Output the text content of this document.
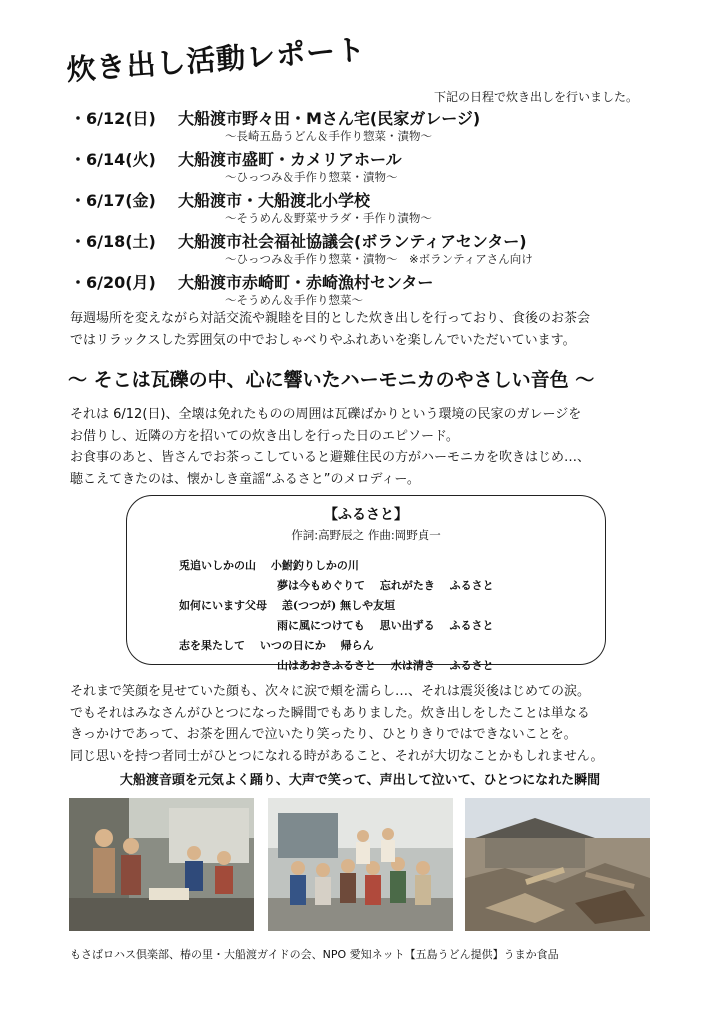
炊き出し活動レポート
下記の日程で炊き出しを行いました。
・6/12(日)	大船渡市野々田・Mさん宅(民家ガレージ)
～長崎五島うどん＆手作り惣菜・漬物～
・6/14(火)	大船渡市盛町・カメリアホール
～ひっつみ＆手作り惣菜・漬物～
・6/17(金)	大船渡市・大船渡北小学校
～そうめん＆野菜サラダ・手作り漬物～
・6/18(土)	大船渡市社会福祉協議会(ボランティアセンター)
～ひっつみ＆手作り惣菜・漬物～　※ボランティアさん向け
・6/20(月)	大船渡市赤崎町・赤崎漁村センター
～そうめん＆手作り惣菜～
毎週場所を変えながら対話交流や親睦を目的とした炊き出しを行っており、食後のお茶会
ではリラックスした雰囲気の中でおしゃべりやふれあいを楽しんでいただいています。
～ そこは瓦礫の中、心に響いたハーモニカのやさしい音色 ～
それは 6/12(日)、全壊は免れたものの周囲は瓦礫ばかりという環境の民家のガレージを
お借りし、近隣の方を招いての炊き出しを行った日のエピソード。
お食事のあと、皆さんでお茶っこしていると避難住民の方がハーモニカを吹きはじめ…、
聴こえてきたのは、懐かしき童謡“ふるさと”のメロディー。
【ふるさと】
作詞:高野辰之 作曲:岡野貞一
兎追いしかの山　 小鮒釣りしかの川
夢は今もめぐりて　 忘れがたき　 ふるさと
如何にいます父母　 恙(つつが) 無しや友垣
雨に風につけても　 思い出ずる　 ふるさと
志を果たして　 いつの日にか　 帰らん
山はあおきふるさと　 水は清き　 ふるさと
それまで笑顔を見せていた顔も、次々に涙で頬を濡らし…、それは震災後はじめての涙。
でもそれはみなさんがひとつになった瞬間でもありました。炊き出しをしたことは単なる
きっかけであって、お茶を囲んで泣いたり笑ったり、ひとりきりではできないことを。
同じ思いを持つ者同士がひとつになれる時があること、それが大切なことかもしれません。
大船渡音頭を元気よく踊り、大声で笑って、声出して泣いて、ひとつになれた瞬間
もさばロハス倶楽部、椿の里・大船渡ガイドの会、NPO 愛知ネット【五島うどん提供】うまか食品
